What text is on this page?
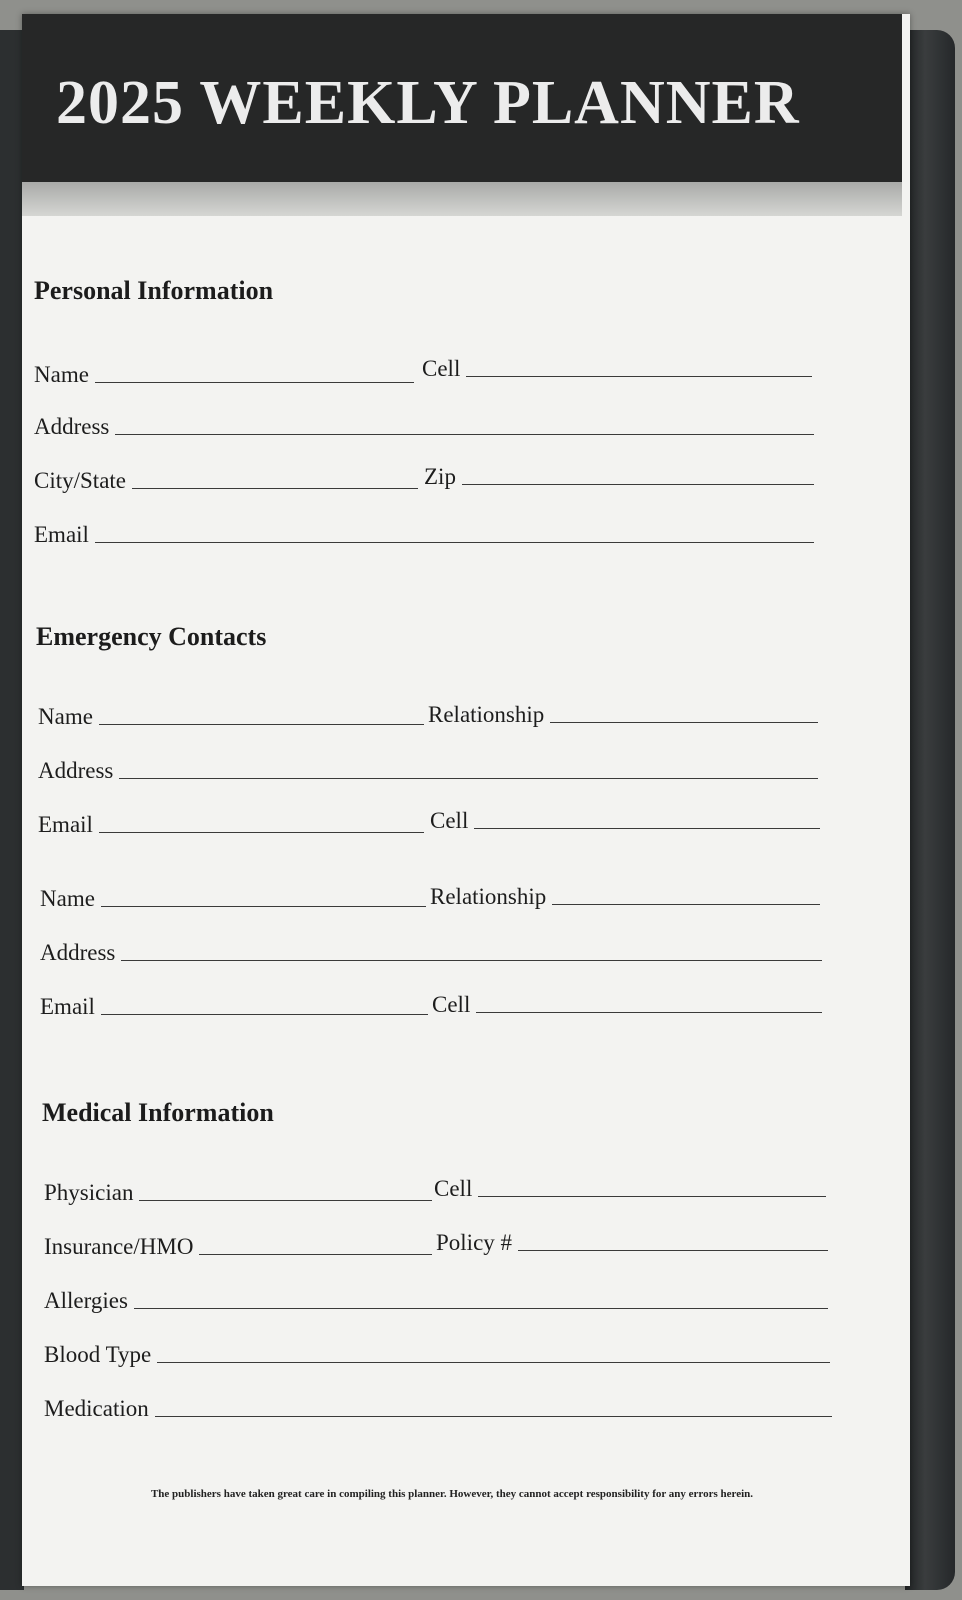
2025 WEEKLY PLANNER
Personal Information
Name	Cell
Address
City/State	Zip
Email
Emergency Contacts
Name	Relationship
Address
Email	Cell
Name	Relationship
Address
Email	Cell
Medical Information
Physician	Cell
Insurance/HMO	Policy #
Allergies
Blood Type
Medication
The publishers have taken great care in compiling this planner. However, they cannot accept responsibility for any errors herein.
